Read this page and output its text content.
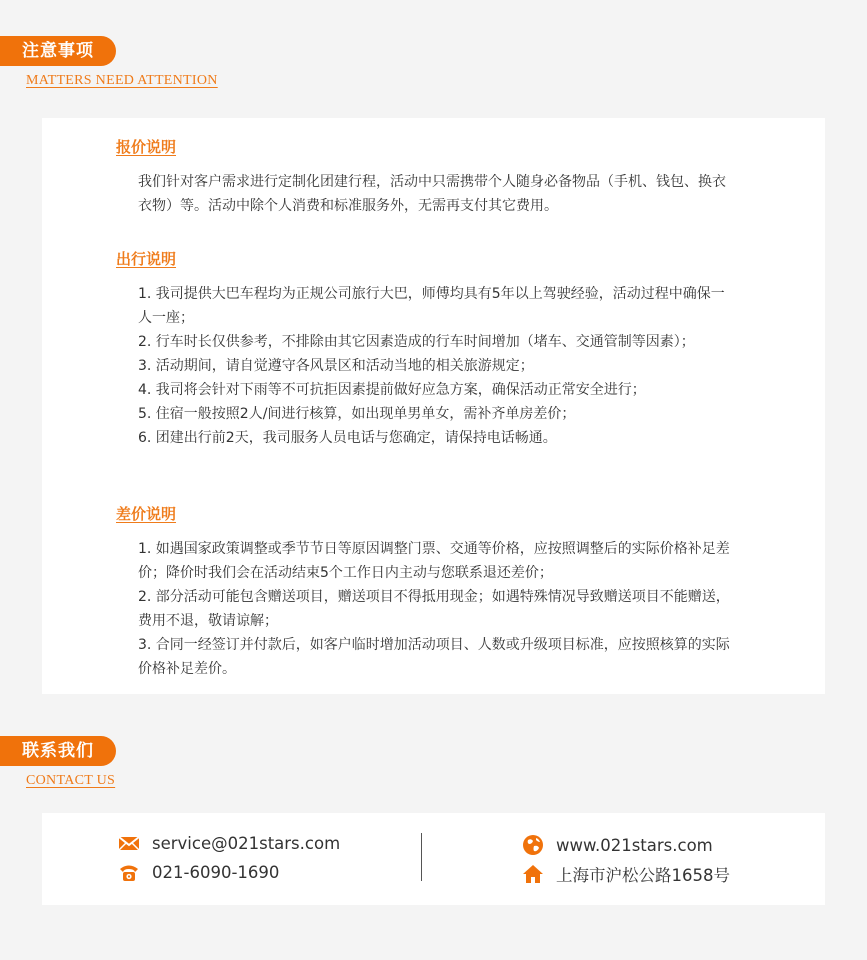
注意事项
MATTERS NEED ATTENTION
报价说明

我们针对客户需求进行定制化团建行程，活动中只需携带个人随身必备物品（手机、钱包、换衣衣物）等。活动中除个人消费和标准服务外，无需再支付其它费用。

出行说明

1. 我司提供大巴车程均为正规公司旅行大巴，师傅均具有5年以上驾驶经验，活动过程中确保一人一座；

2. 行车时长仅供参考，不排除由其它因素造成的行车时间增加（堵车、交通管制等因素）；

3. 活动期间，请自觉遵守各风景区和活动当地的相关旅游规定；

4. 我司将会针对下雨等不可抗拒因素提前做好应急方案，确保活动正常安全进行；

5. 住宿一般按照2人/间进行核算，如出现单男单女，需补齐单房差价；

6. 团建出行前2天，我司服务人员电话与您确定，请保持电话畅通。

差价说明

1. 如遇国家政策调整或季节节日等原因调整门票、交通等价格，应按照调整后的实际价格补足差价；降价时我们会在活动结束5个工作日内主动与您联系退还差价；

2. 部分活动可能包含赠送项目，赠送项目不得抵用现金；如遇特殊情况导致赠送项目不能赠送，费用不退，敬请谅解；

3. 合同一经签订并付款后，如客户临时增加活动项目、人数或升级项目标准，应按照核算的实际价格补足差价。

联系我们
CONTACT US
service@021stars.com
021-6090-1690
www.021stars.com
上海市沪松公路1658号
